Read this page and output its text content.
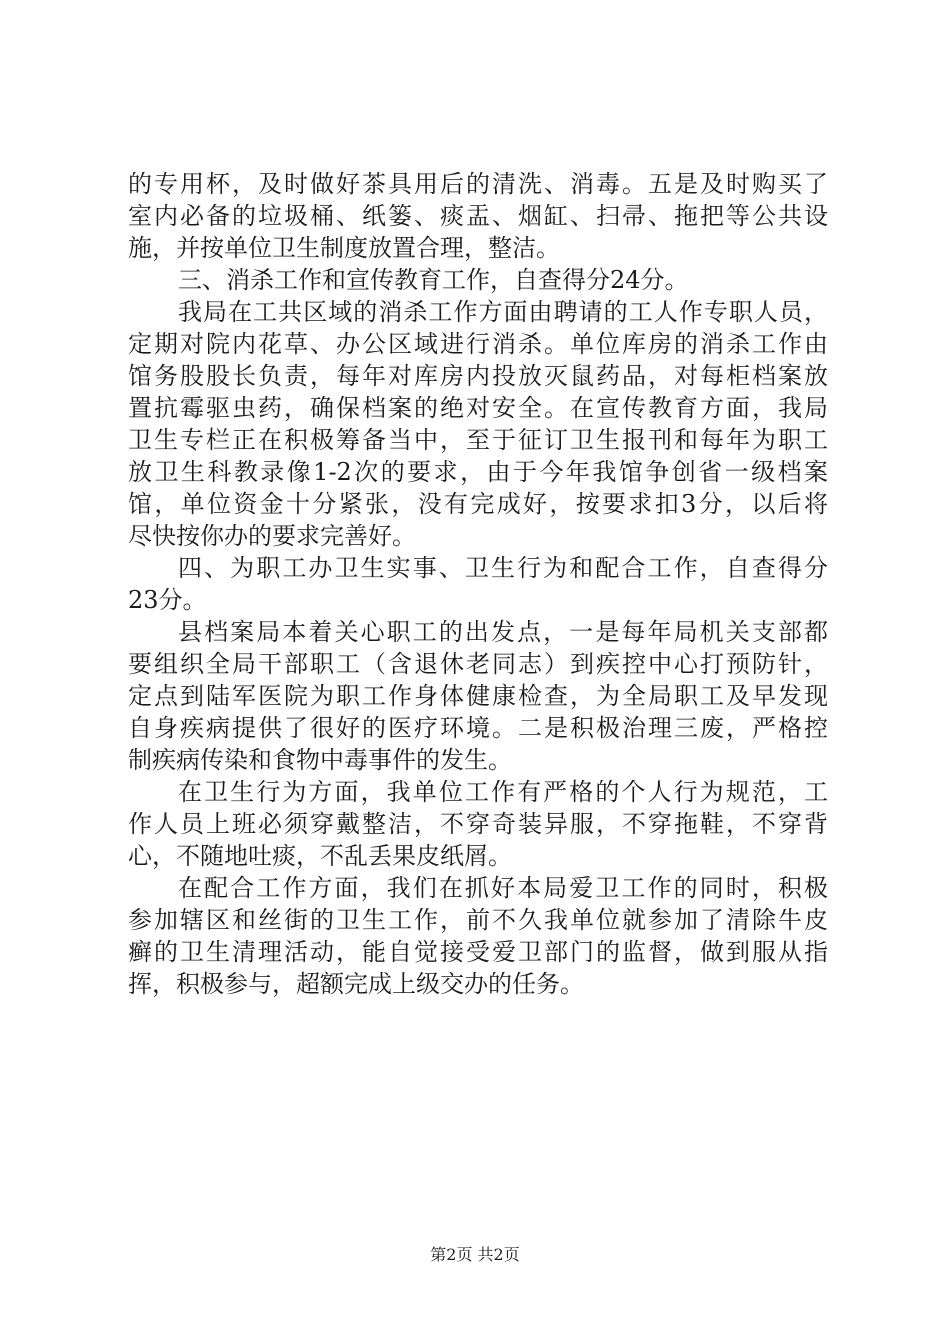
的专用杯，及时做好茶具用后的清洗、消毒。五是及时购买了
室内必备的垃圾桶、纸篓、痰盂、烟缸、扫帚、拖把等公共设
施，并按单位卫生制度放置合理，整洁。
三、消杀工作和宣传教育工作，自查得分24分。
我局在工共区域的消杀工作方面由聘请的工人作专职人员，
定期对院内花草、办公区域进行消杀。单位库房的消杀工作由
馆务股股长负责，每年对库房内投放灭鼠药品，对每柜档案放
置抗霉驱虫药，确保档案的绝对安全。在宣传教育方面，我局
卫生专栏正在积极筹备当中，至于征订卫生报刊和每年为职工
放卫生科教录像1-2次的要求，由于今年我馆争创省一级档案
馆，单位资金十分紧张，没有完成好，按要求扣3分，以后将
尽快按你办的要求完善好。
四、为职工办卫生实事、卫生行为和配合工作，自查得分
23分。
县档案局本着关心职工的出发点，一是每年局机关支部都
要组织全局干部职工（含退休老同志）到疾控中心打预防针，
定点到陆军医院为职工作身体健康检查，为全局职工及早发现
自身疾病提供了很好的医疗环境。二是积极治理三废，严格控
制疾病传染和食物中毒事件的发生。
在卫生行为方面，我单位工作有严格的个人行为规范，工
作人员上班必须穿戴整洁，不穿奇装异服，不穿拖鞋，不穿背
心，不随地吐痰，不乱丢果皮纸屑。
在配合工作方面，我们在抓好本局爱卫工作的同时，积极
参加辖区和丝街的卫生工作，前不久我单位就参加了清除牛皮
癣的卫生清理活动，能自觉接受爱卫部门的监督，做到服从指
挥，积极参与，超额完成上级交办的任务。
第2页 共2页
